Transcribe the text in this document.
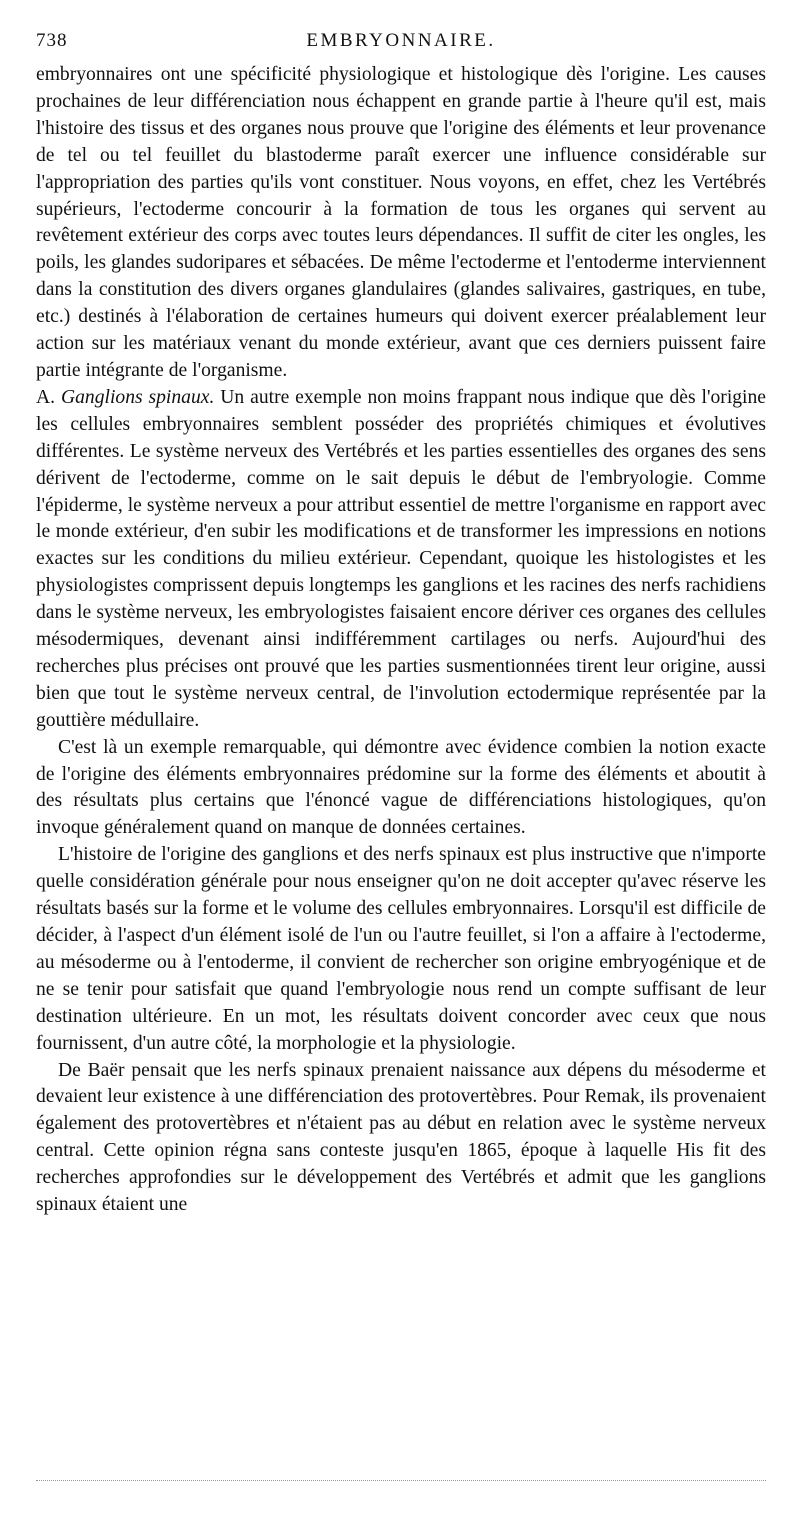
738	EMBRYONNAIRE.

embryonnaires ont une spécificité physiologique et histologique dès l'origine. Les causes prochaines de leur différenciation nous échappent en grande partie à l'heure qu'il est, mais l'histoire des tissus et des organes nous prouve que l'origine des éléments et leur provenance de tel ou tel feuillet du blastoderme paraît exercer une influence considérable sur l'appropriation des parties qu'ils vont constituer. Nous voyons, en effet, chez les Vertébrés supérieurs, l'ectoderme concourir à la formation de tous les organes qui servent au revêtement extérieur des corps avec toutes leurs dépendances. Il suffit de citer les ongles, les poils, les glandes sudoripares et sébacées. De même l'ectoderme et l'entoderme interviennent dans la constitution des divers organes glandulaires (glandes salivaires, gastriques, en tube, etc.) destinés à l'élaboration de certaines humeurs qui doivent exercer préalablement leur action sur les matériaux venant du monde extérieur, avant que ces derniers puissent faire partie intégrante de l'organisme.

A. Ganglions spinaux. Un autre exemple non moins frappant nous indique que dès l'origine les cellules embryonnaires semblent posséder des propriétés chimiques et évolutives différentes. Le système nerveux des Vertébrés et les parties essentielles des organes des sens dérivent de l'ectoderme, comme on le sait depuis le début de l'embryologie. Comme l'épiderme, le système nerveux a pour attribut essentiel de mettre l'organisme en rapport avec le monde extérieur, d'en subir les modifications et de transformer les impressions en notions exactes sur les conditions du milieu extérieur. Cependant, quoique les histologistes et les physiologistes comprissent depuis longtemps les ganglions et les racines des nerfs rachidiens dans le système nerveux, les embryologistes faisaient encore dériver ces organes des cellules mésodermiques, devenant ainsi indifféremment cartilages ou nerfs. Aujourd'hui des recherches plus précises ont prouvé que les parties susmentionnées tirent leur origine, aussi bien que tout le système nerveux central, de l'involution ectodermique représentée par la gouttière médullaire.

C'est là un exemple remarquable, qui démontre avec évidence combien la notion exacte de l'origine des éléments embryonnaires prédomine sur la forme des éléments et aboutit à des résultats plus certains que l'énoncé vague de différenciations histologiques, qu'on invoque généralement quand on manque de données certaines.

L'histoire de l'origine des ganglions et des nerfs spinaux est plus instructive que n'importe quelle considération générale pour nous enseigner qu'on ne doit accepter qu'avec réserve les résultats basés sur la forme et le volume des cellules embryonnaires. Lorsqu'il est difficile de décider, à l'aspect d'un élément isolé de l'un ou l'autre feuillet, si l'on a affaire à l'ectoderme, au mésoderme ou à l'entoderme, il convient de rechercher son origine embryogénique et de ne se tenir pour satisfait que quand l'embryologie nous rend un compte suffisant de leur destination ultérieure. En un mot, les résultats doivent concorder avec ceux que nous fournissent, d'un autre côté, la morphologie et la physiologie.

De Baër pensait que les nerfs spinaux prenaient naissance aux dépens du mésoderme et devaient leur existence à une différenciation des protovertèbres. Pour Remak, ils provenaient également des protovertèbres et n'étaient pas au début en relation avec le système nerveux central. Cette opinion régna sans conteste jusqu'en 1865, époque à laquelle His fit des recherches approfondies sur le développement des Vertébrés et admit que les ganglions spinaux étaient une
